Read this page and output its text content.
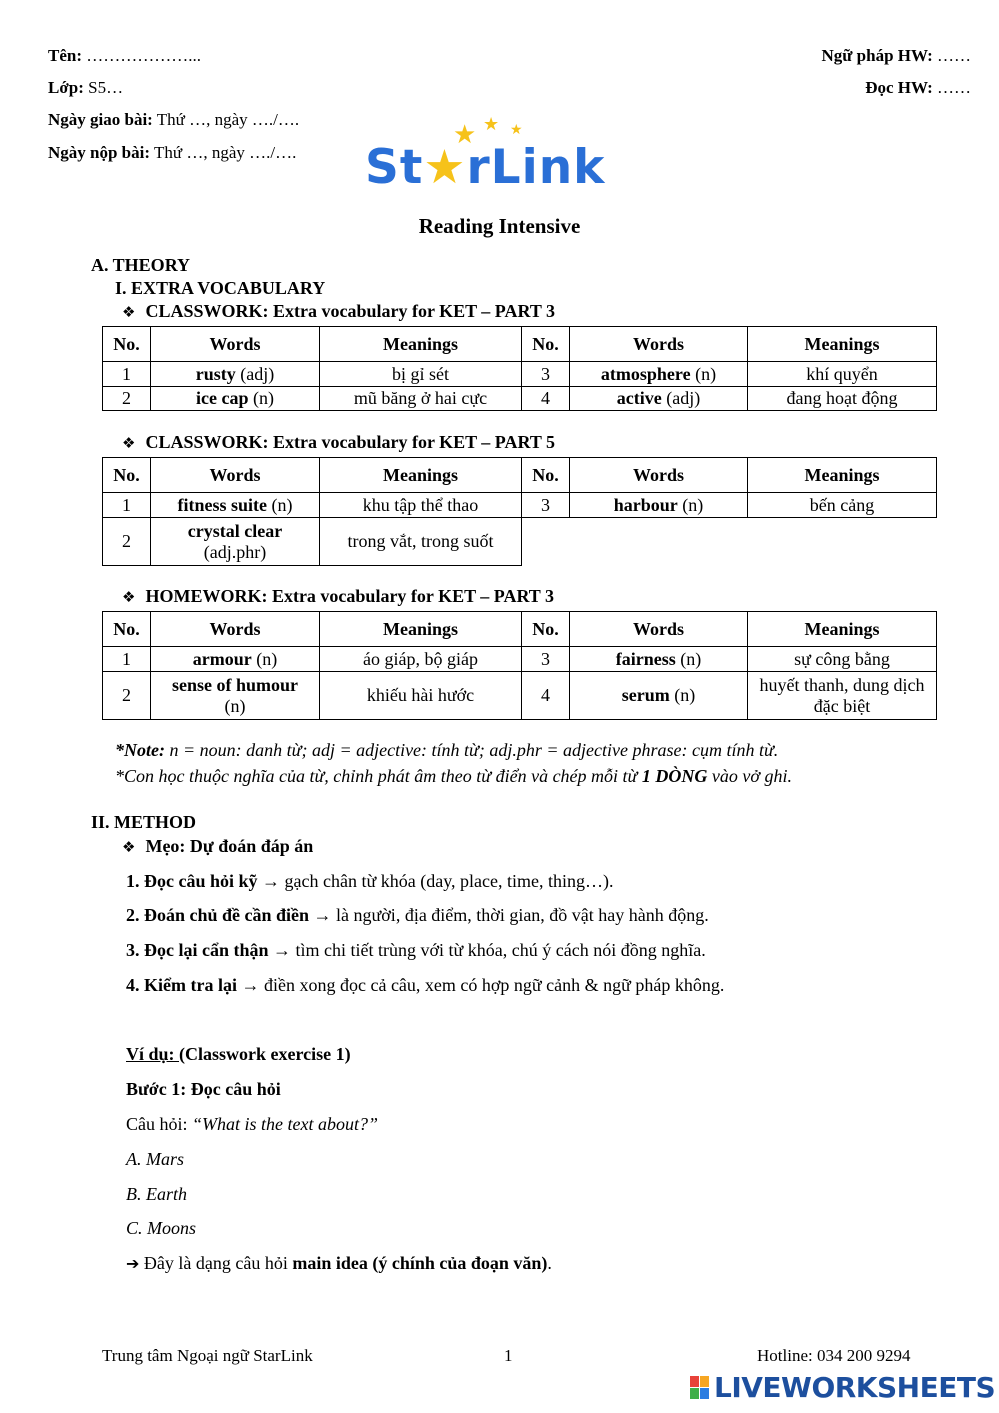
Tên: ………………...
Lớp: S5…
Ngày giao bài: Thứ …, ngày …./….
Ngày nộp bài: Thứ …, ngày …./….
Ngữ pháp HW: ……
Đọc HW: ……
★ ★ ★
St★rLink
Reading Intensive
A. THEORY
I. EXTRA VOCABULARY
❖ CLASSWORK: Extra vocabulary for KET – PART 3
No.	Words	Meanings	No.	Words	Meanings
1	rusty (adj)	bị gỉ sét	3	atmosphere (n)	khí quyển
2	ice cap (n)	mũ băng ở hai cực	4	active (adj)	đang hoạt động
❖ CLASSWORK: Extra vocabulary for KET – PART 5
No.	Words	Meanings	No.	Words	Meanings
1	fitness suite (n)	khu tập thể thao	3	harbour (n)	bến cảng
2	crystal clear
(adj.phr)	trong vắt, trong suốt			
❖ HOMEWORK: Extra vocabulary for KET – PART 3
No.	Words	Meanings	No.	Words	Meanings
1	armour (n)	áo giáp, bộ giáp	3	fairness (n)	sự công bằng
2	sense of humour
(n)	khiếu hài hước	4	serum (n)	huyết thanh, dung dịch đặc biệt
*Note: n = noun: danh từ; adj = adjective: tính từ; adj.phr = adjective phrase: cụm tính từ.
*Con học thuộc nghĩa của từ, chỉnh phát âm theo từ điển và chép mỗi từ 1 DÒNG vào vở ghi.
II. METHOD
❖ Mẹo: Dự đoán đáp án
1. Đọc câu hỏi kỹ → gạch chân từ khóa (day, place, time, thing…).
2. Đoán chủ đề cần điền → là người, địa điểm, thời gian, đồ vật hay hành động.
3. Đọc lại cẩn thận → tìm chi tiết trùng với từ khóa, chú ý cách nói đồng nghĩa.
4. Kiểm tra lại → điền xong đọc cả câu, xem có hợp ngữ cảnh & ngữ pháp không.
Ví dụ: (Classwork exercise 1)
Bước 1: Đọc câu hỏi
Câu hỏi: “What is the text about?”
A. Mars
B. Earth
C. Moons
➔ Đây là dạng câu hỏi main idea (ý chính của đoạn văn).
Trung tâm Ngoại ngữ StarLink	1	Hotline: 034 200 9294
LIVEWORKSHEETS
